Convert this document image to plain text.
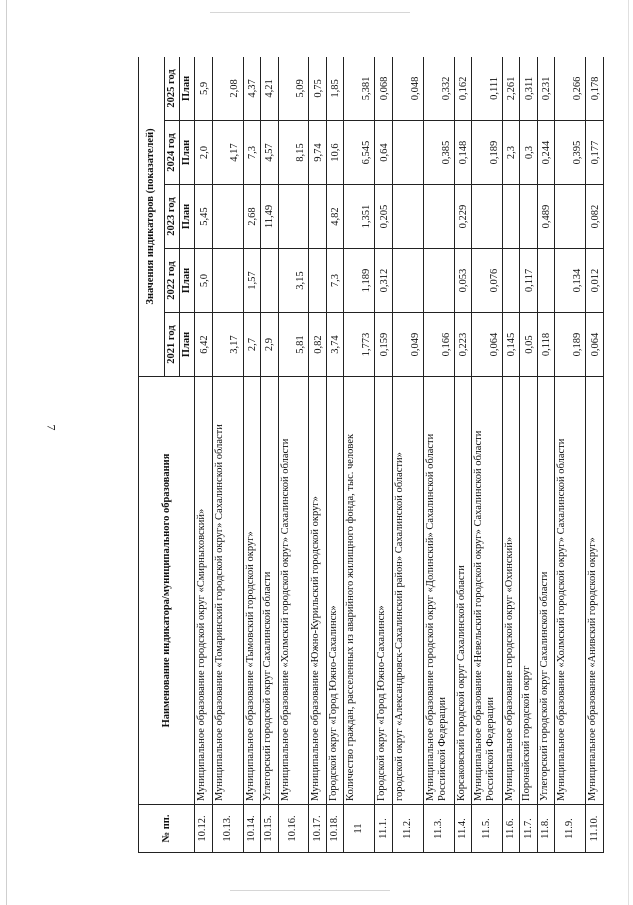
7
№ пп.	Наименование индикатора/муниципального образования	Значения индикаторов (показателей)				
		2021 год	2022 год	2023 год	2024 год	2025 год
		План	План	План	План	План
10.12.	Муниципальное образование городской округ «Смирныховский»	6,42	5,0	5,45	2,0	5,9
10.13.	Муниципальное образование «Томаринский городской округ» Сахалинской области	3,17			4,17	2,08
10.14.	Муниципальное образование «Тымовский городской округ»	2,7	1,57	2,68	7,3	4,37
10.15.	Углегорский городской округ Сахалинской области	2,9		11,49	4,57	4,21
10.16.	Муниципальное образование «Холмский городской округ» Сахалинской области	5,81	3,15		8,15	5,09
10.17.	Муниципальное образование «Южно-Курильский городской округ»	0,82			9,74	0,75
10.18.	Городской округ «Город Южно-Сахалинск»	3,74	7,3	4,82	10,6	1,85
11	Количество граждан, расселенных из аварийного жилищного фонда, тыс. человек	1,773	1,189	1,351	6,545	5,381
11.1.	Городской округ «Город Южно-Сахалинск»	0,159	0,312	0,205	0,64	0,068
11.2.	городской округ «Александровск-Сахалинский район» Сахалинской области»	0,049				0,048
11.3.	Муниципальное образование городской округ «Долинский» Сахалинской области Российской Федерации	0,166			0,385	0,332
11.4.	Корсаковский городской округ Сахалинской области	0,223	0,053	0,229	0,148	0,162
11.5.	Муниципальное образование «Невельский городской округ» Сахалинской области Российской Федерации	0,064	0,076		0,189	0,111
11.6.	Муниципальное образование городской округ «Охинский»	0,145			2,3	2,261
11.7.	Поронайский городской округ	0,05	0,117		0,3	0,311
11.8.	Углегорский городской округ Сахалинской области	0,118		0,489	0,244	0,231
11.9.	Муниципальное образование «Холмский городской округ» Сахалинской области	0,189	0,134		0,395	0,266
11.10.	Муниципальное образование «Анивский городской округ»	0,064	0,012	0,082	0,177	0,178
